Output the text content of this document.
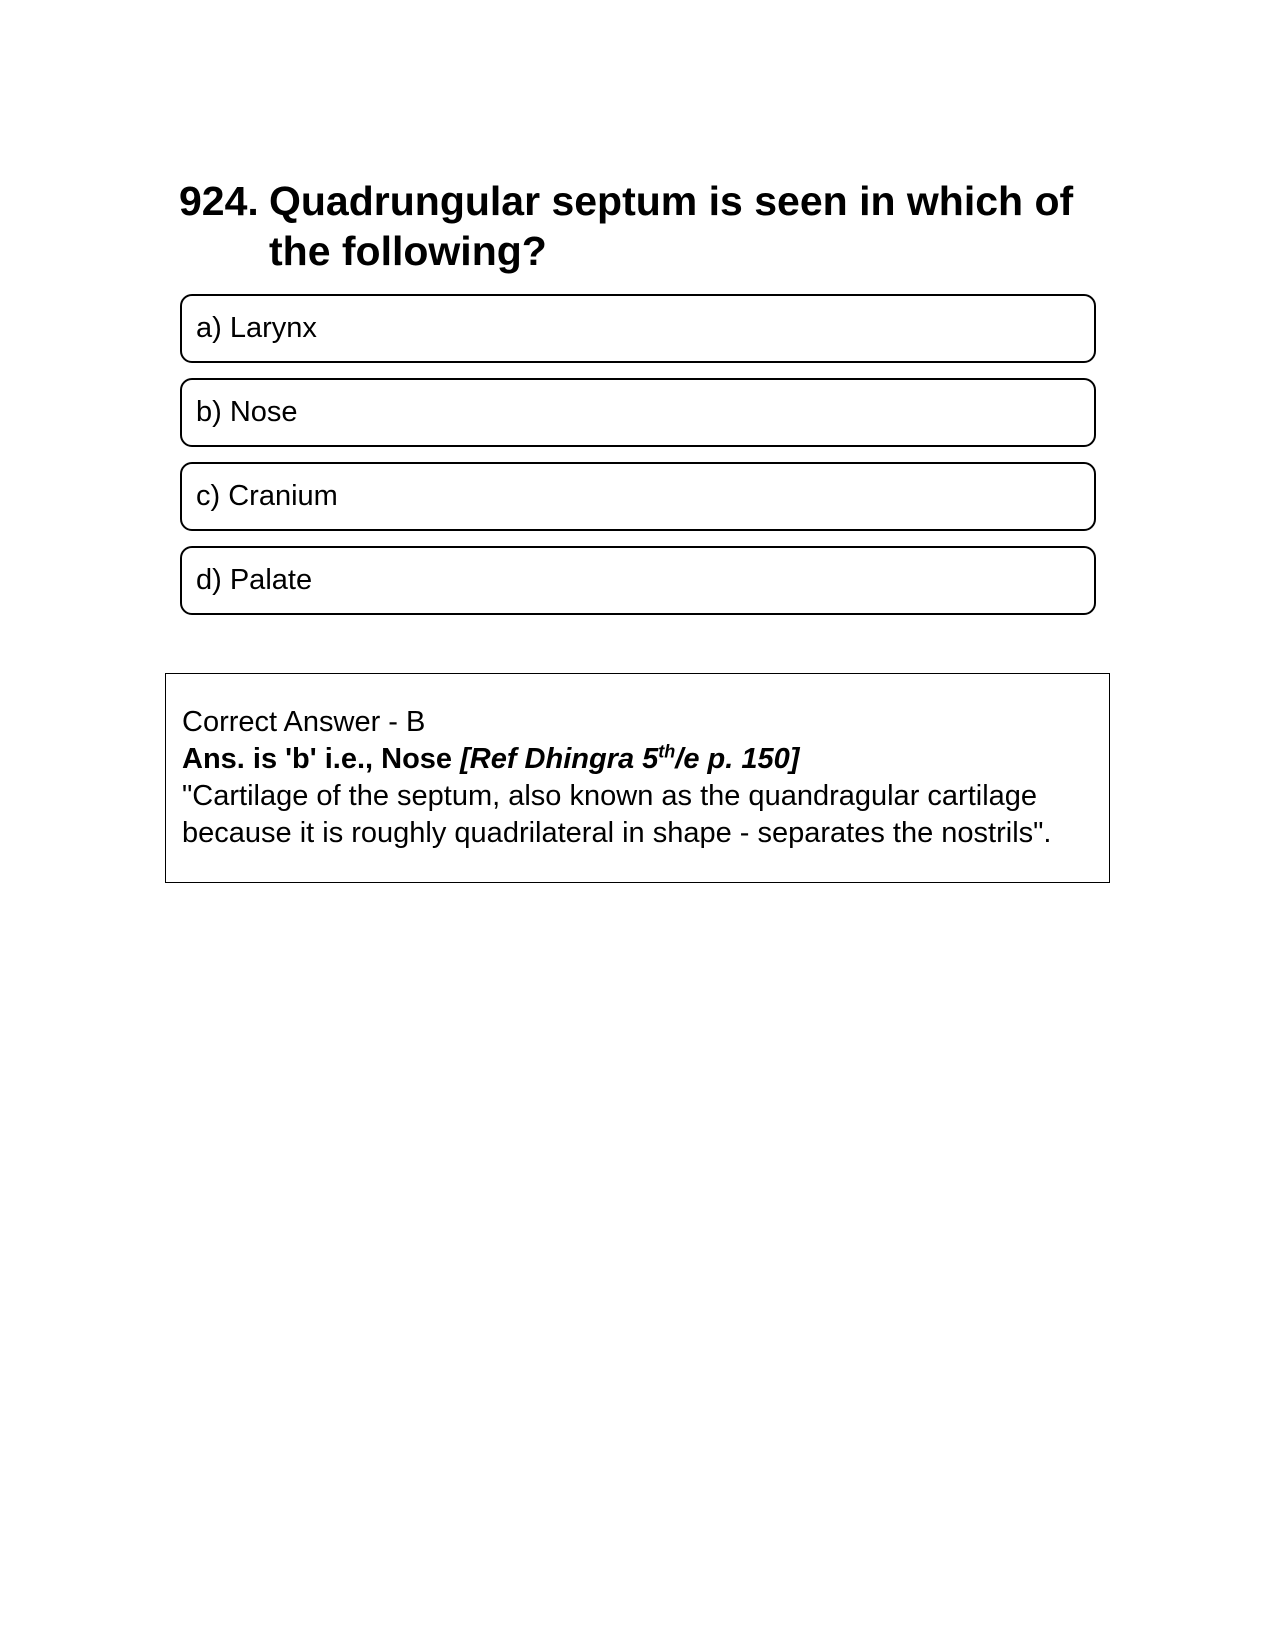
924. Quadrungular septum is seen in which of the following?
a) Larynx
b) Nose
c) Cranium
d) Palate
Correct Answer - B
Ans. is 'b' i.e., Nose [Ref Dhingra 5th/e p. 150]
"Cartilage of the septum, also known as the quandragular cartilage because it is roughly quadrilateral in shape - separates the nostrils".
